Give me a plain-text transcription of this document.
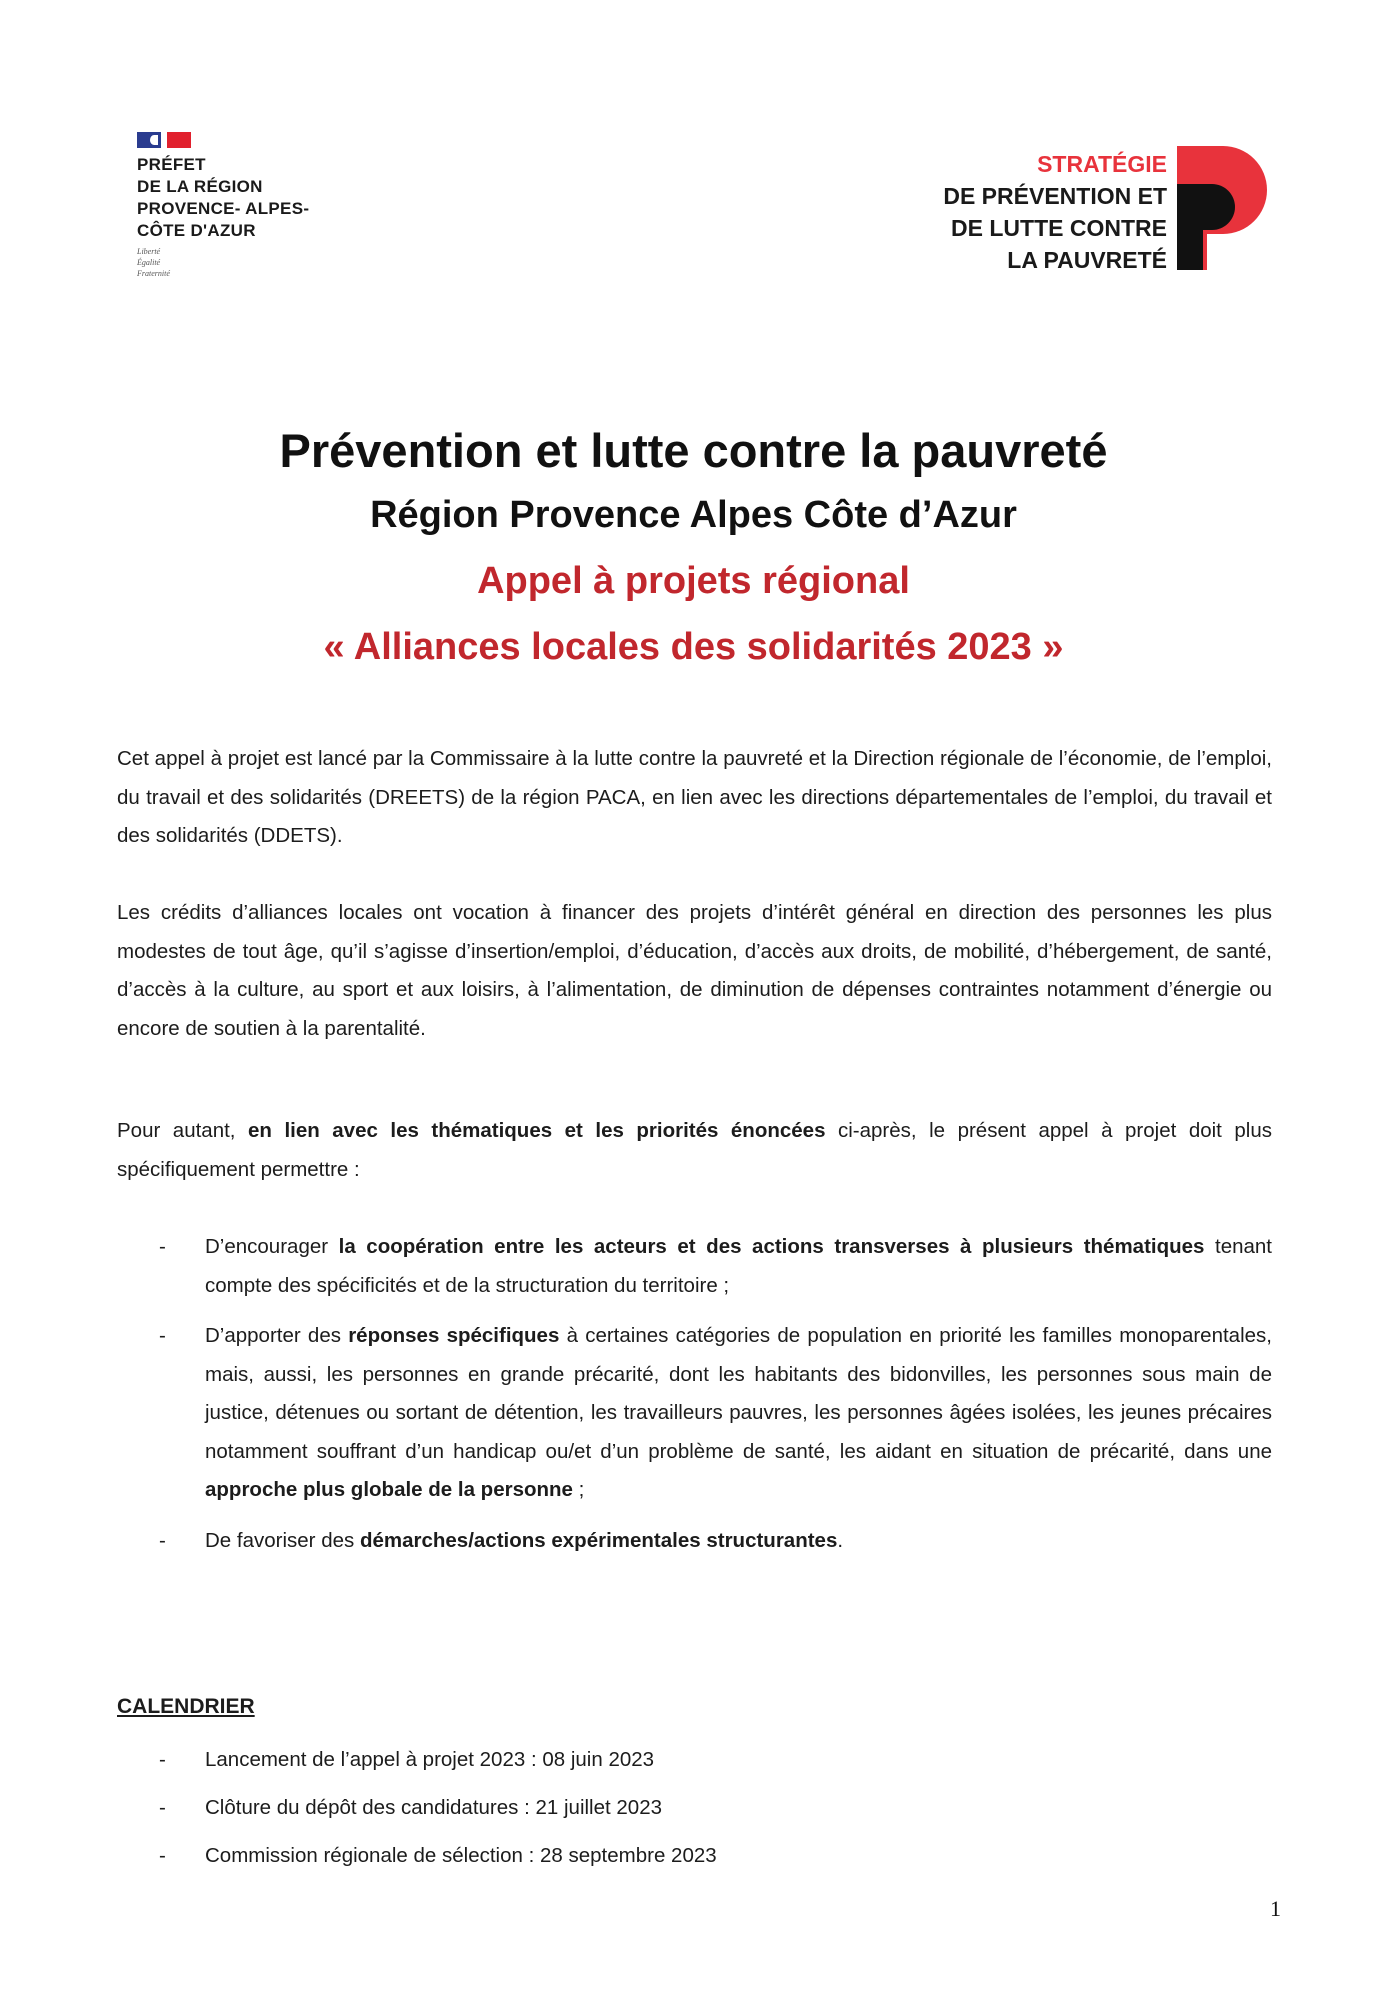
PRÉFET
DE LA RÉGION
PROVENCE- ALPES-
CÔTE D'AZUR
Liberté
Égalité
Fraternité
STRATÉGIE
DE PRÉVENTION ET
DE LUTTE CONTRE
LA PAUVRETÉ
Prévention et lutte contre la pauvreté
Région Provence Alpes Côte d’Azur
Appel à projets régional
« Alliances locales des solidarités 2023 »
Cet appel à projet est lancé par la Commissaire à la lutte contre la pauvreté et la Direction régionale de l’économie, de l’emploi, du travail et des solidarités (DREETS) de la région PACA, en lien avec les directions départementales de l’emploi, du travail et des solidarités (DDETS).
Les crédits d’alliances locales ont vocation à financer des projets d’intérêt général en direction des personnes les plus modestes de tout âge, qu’il s’agisse d’insertion/emploi, d’éducation, d’accès aux droits, de mobilité, d’hébergement, de santé, d’accès à la culture, au sport et aux loisirs, à l’alimentation, de diminution de dépenses contraintes notamment d’énergie ou encore de soutien à la parentalité.
Pour autant, en lien avec les thématiques et les priorités énoncées ci-après, le présent appel à projet doit plus spécifiquement permettre :
-	D’encourager la coopération entre les acteurs et des actions transverses à plusieurs thématiques tenant compte des spécificités et de la structuration du territoire ;
-	D’apporter des réponses spécifiques à certaines catégories de population en priorité les familles monoparentales, mais, aussi, les personnes en grande précarité, dont les habitants des bidonvilles, les personnes sous main de justice, détenues ou sortant de détention, les travailleurs pauvres, les personnes âgées isolées, les jeunes précaires notamment souffrant d’un handicap ou/et d’un problème de santé, les aidant en situation de précarité, dans une approche plus globale de la personne ;
-	De favoriser des démarches/actions expérimentales structurantes.
CALENDRIER
-	Lancement de l’appel à projet 2023 : 08 juin 2023
-	Clôture du dépôt des candidatures : 21 juillet 2023
-	Commission régionale de sélection : 28 septembre 2023
1
